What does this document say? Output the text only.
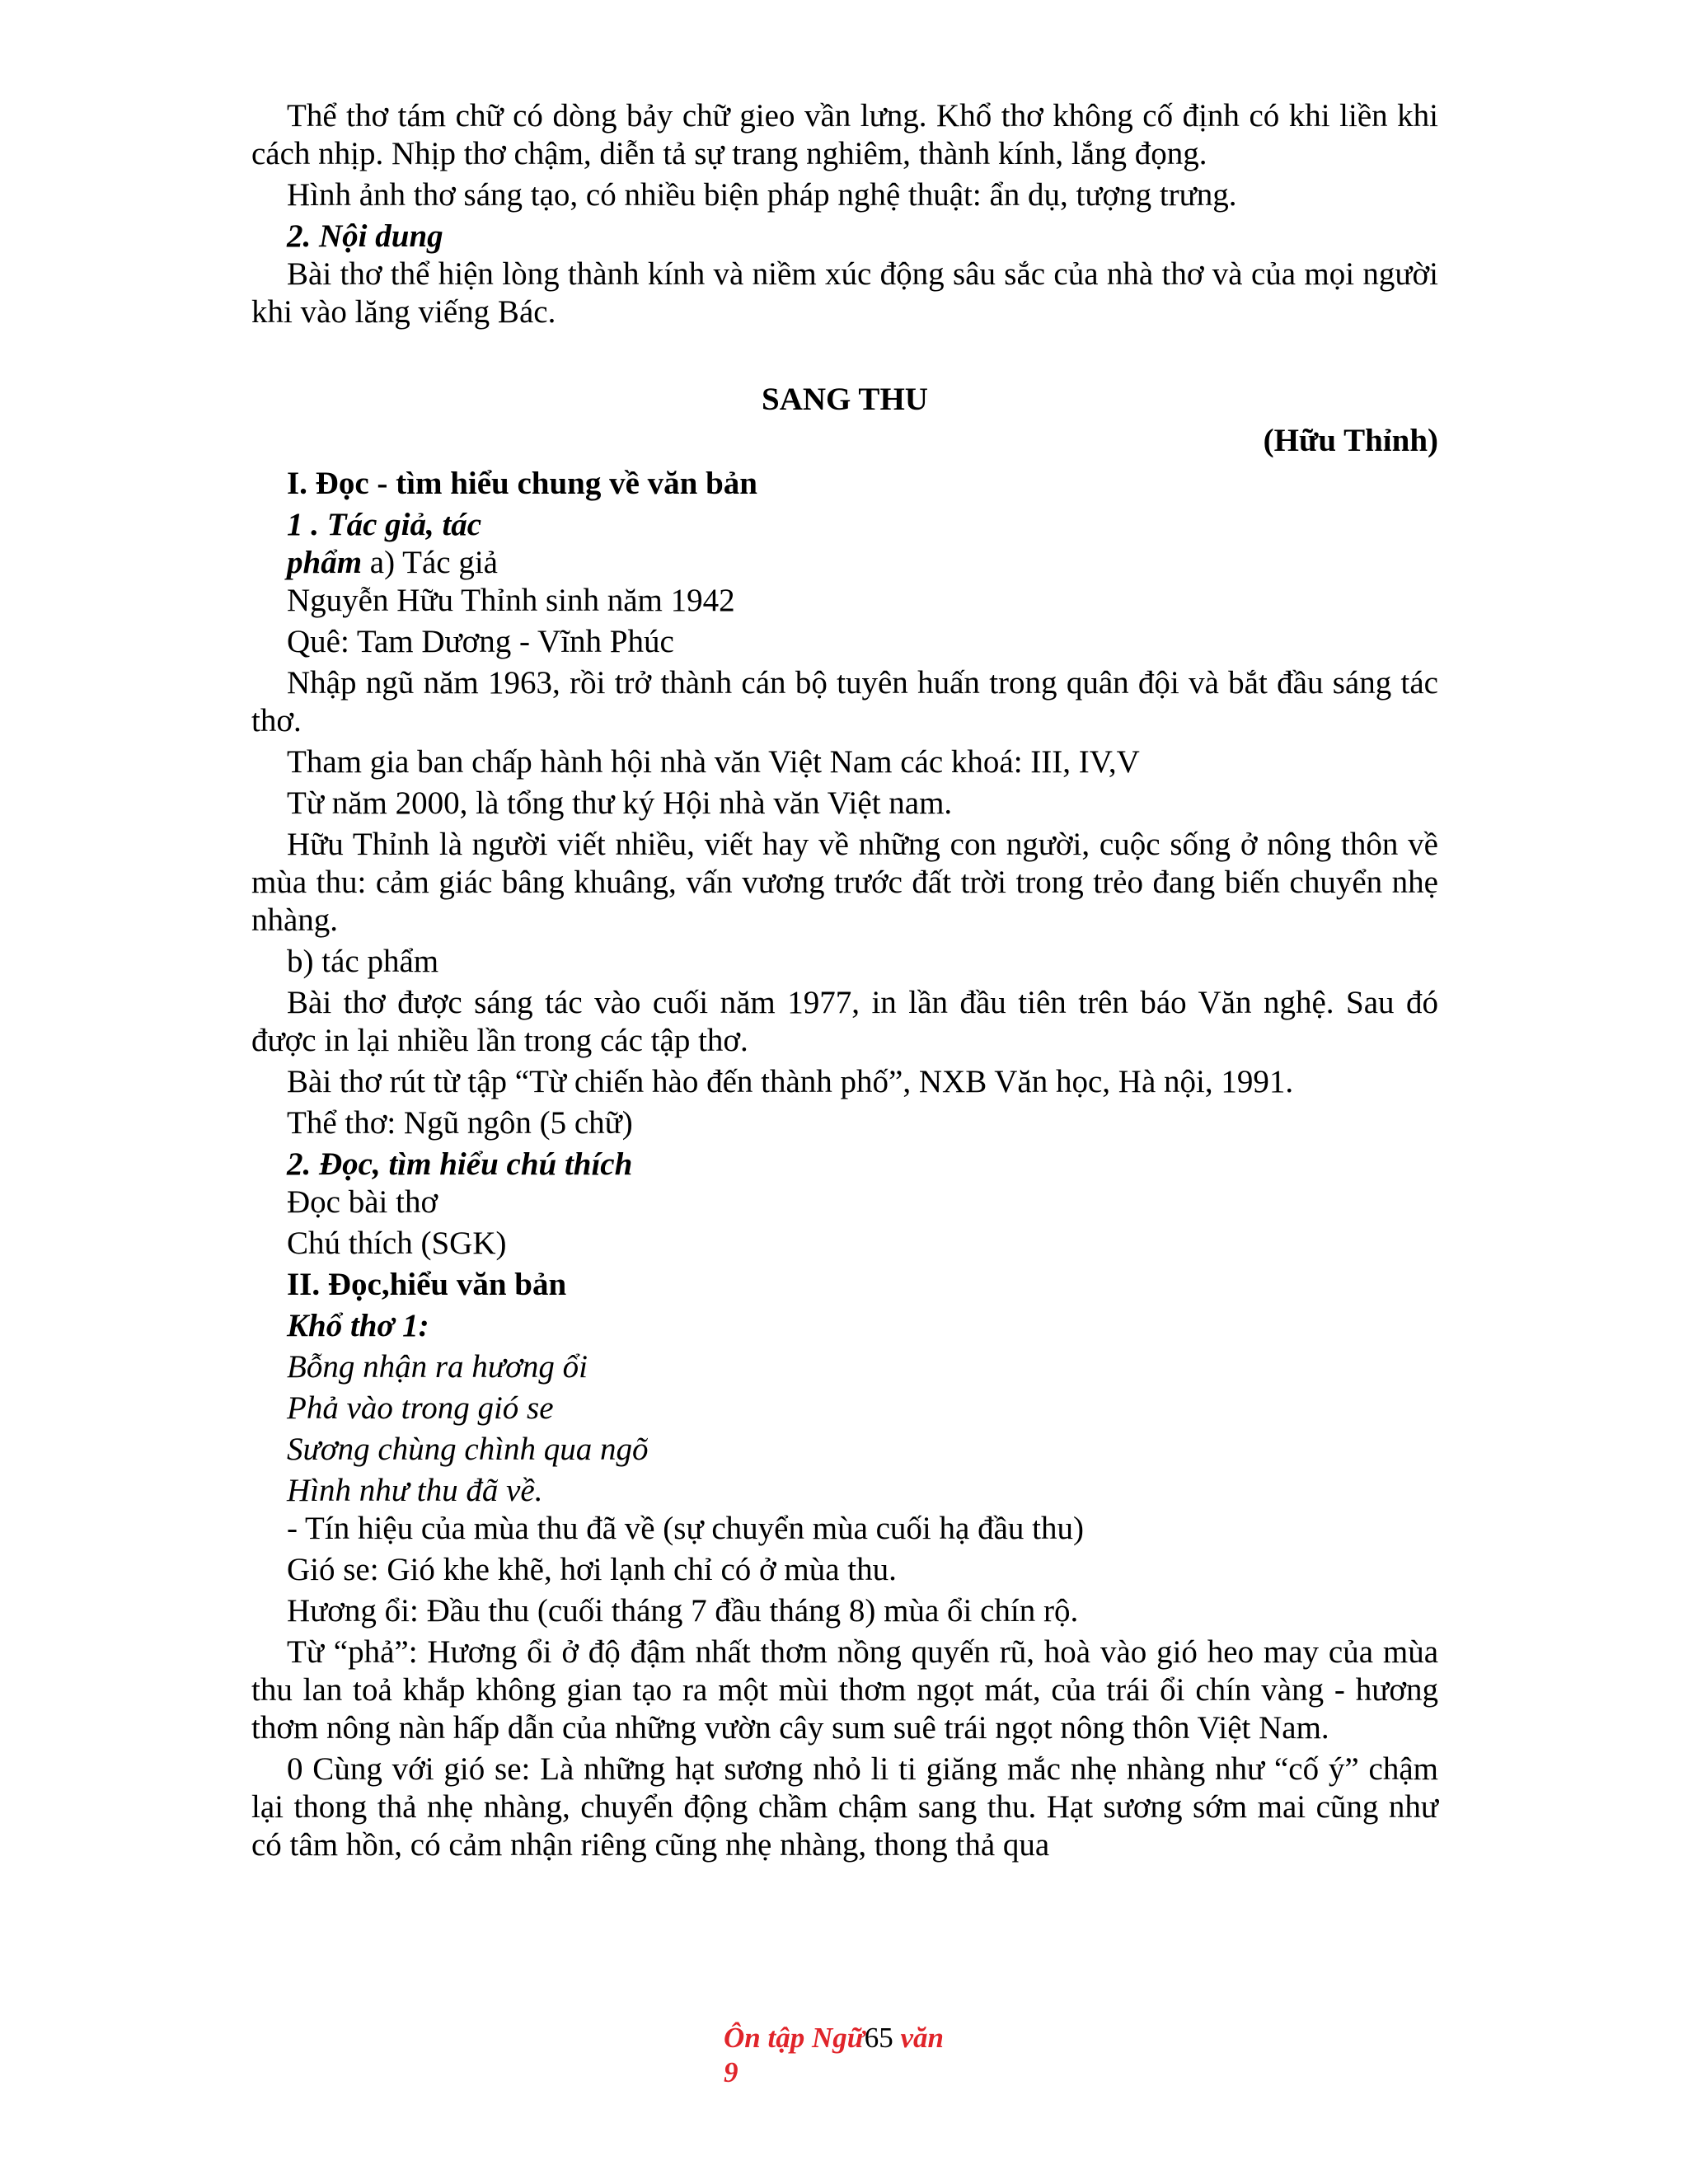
Thể thơ tám chữ có dòng bảy chữ gieo vần lưng. Khổ thơ không cố định có khi liền khi cách nhịp. Nhịp thơ chậm, diễn tả sự trang nghiêm, thành kính, lắng đọng.

Hình ảnh thơ sáng tạo, có nhiều biện pháp nghệ thuật: ẩn dụ, tượng trưng.

2. Nội dung

Bài thơ thể hiện lòng thành kính và niềm xúc động sâu sắc của nhà thơ và của mọi người khi vào lăng viếng Bác.

SANG THU

(Hữu Thỉnh)

I. Đọc - tìm hiểu chung về văn bản

1 . Tác giả, tác

phẩm a) Tác giả

Nguyễn Hữu Thỉnh sinh năm 1942

Quê: Tam Dương - Vĩnh Phúc

Nhập ngũ năm 1963, rồi trở thành cán bộ tuyên huấn trong quân đội và bắt đầu sáng tác thơ.

Tham gia ban chấp hành hội nhà văn Việt Nam các khoá: III, IV,V

Từ năm 2000, là tổng thư ký Hội nhà văn Việt nam.

Hữu Thỉnh là người viết nhiều, viết hay về những con người, cuộc sống ở nông thôn về mùa thu: cảm giác bâng khuâng, vấn vương trước đất trời trong trẻo đang biến chuyển nhẹ nhàng.

b) tác phẩm

Bài thơ được sáng tác vào cuối năm 1977, in lần đầu tiên trên báo Văn nghệ. Sau đó được in lại nhiều lần trong các tập thơ.

Bài thơ rút từ tập “Từ chiến hào đến thành phố”, NXB Văn học, Hà nội, 1991.

Thể thơ: Ngũ ngôn (5 chữ)

2. Đọc, tìm hiểu chú thích

Đọc bài thơ

Chú thích (SGK)

II. Đọc,hiểu văn bản

Khổ thơ 1:

Bỗng nhận ra hương ổi

Phả vào trong gió se

Sương chùng chình qua ngõ

Hình như thu đã về.

- Tín hiệu của mùa thu đã về (sự chuyển mùa cuối hạ đầu thu)

Gió se: Gió khe khẽ, hơi lạnh chỉ có ở mùa thu.

Hương ổi: Đầu thu (cuối tháng 7 đầu tháng 8) mùa ổi chín rộ.

Từ “phả”: Hương ổi ở độ đậm nhất thơm nồng quyến rũ, hoà vào gió heo may của mùa thu lan toả khắp không gian tạo ra một mùi thơm ngọt mát, của trái ổi chín vàng - hương thơm nông nàn hấp dẫn của những vườn cây sum suê trái ngọt nông thôn Việt Nam.

0 Cùng với gió se: Là những hạt sương nhỏ li ti giăng mắc nhẹ nhàng như “cố ý” chậm lại thong thả nhẹ nhàng, chuyển động chầm chậm sang thu. Hạt sương sớm mai cũng như có tâm hồn, có cảm nhận riêng cũng nhẹ nhàng, thong thả qua

Ôn tập Ngữ65 văn
9
